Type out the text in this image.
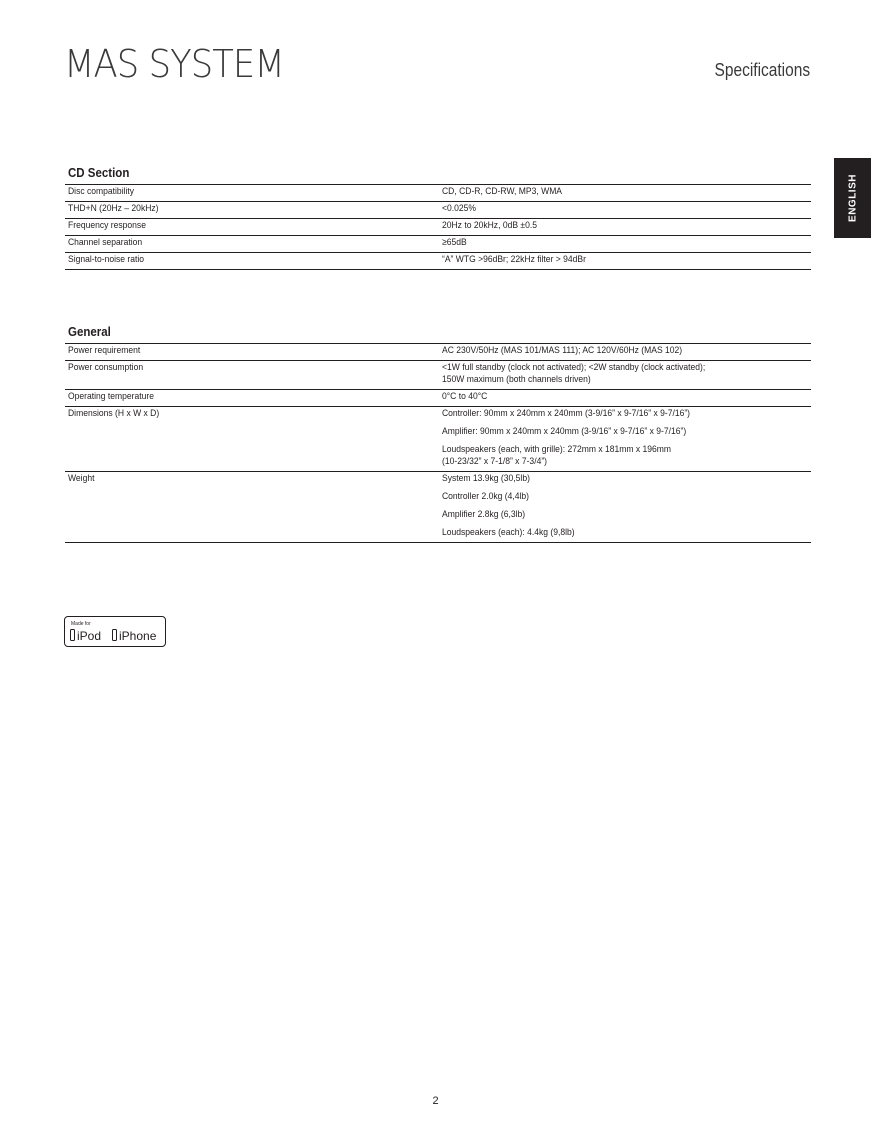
MAS SYSTEM	Specifications
ENGLISH
CD Section
Disc compatibility	CD, CD-R, CD-RW, MP3, WMA
THD+N (20Hz – 20kHz)	<0.025%
Frequency response	20Hz to 20kHz, 0dB ±0.5
Channel separation	≥65dB
Signal-to-noise ratio	“A” WTG >96dBr; 22kHz filter > 94dBr
General
Power requirement	AC 230V/50Hz (MAS 101/MAS 111); AC 120V/60Hz (MAS 102)
Power consumption	<1W full standby (clock not activated); <2W standby (clock activated);
150W maximum (both channels driven)

Operating temperature	0°C to 40°C
Dimensions (H x W x D)	Controller: 90mm x 240mm x 240mm (3-9/16” x 9-7/16” x 9-7/16”)
Amplifier: 90mm x 240mm x 240mm (3-9/16” x 9-7/16” x 9-7/16”)
Loudspeakers (each, with grille): 272mm x 181mm x 196mm
(10-23/32” x 7-1/8” x 7-3/4”)

Weight	System 13.9kg (30,5lb)
Controller 2.0kg (4,4lb)
Amplifier 2.8kg (6,3lb)
Loudspeakers (each): 4.4kg (9,8lb)
Made for
iPod iPhone
2
